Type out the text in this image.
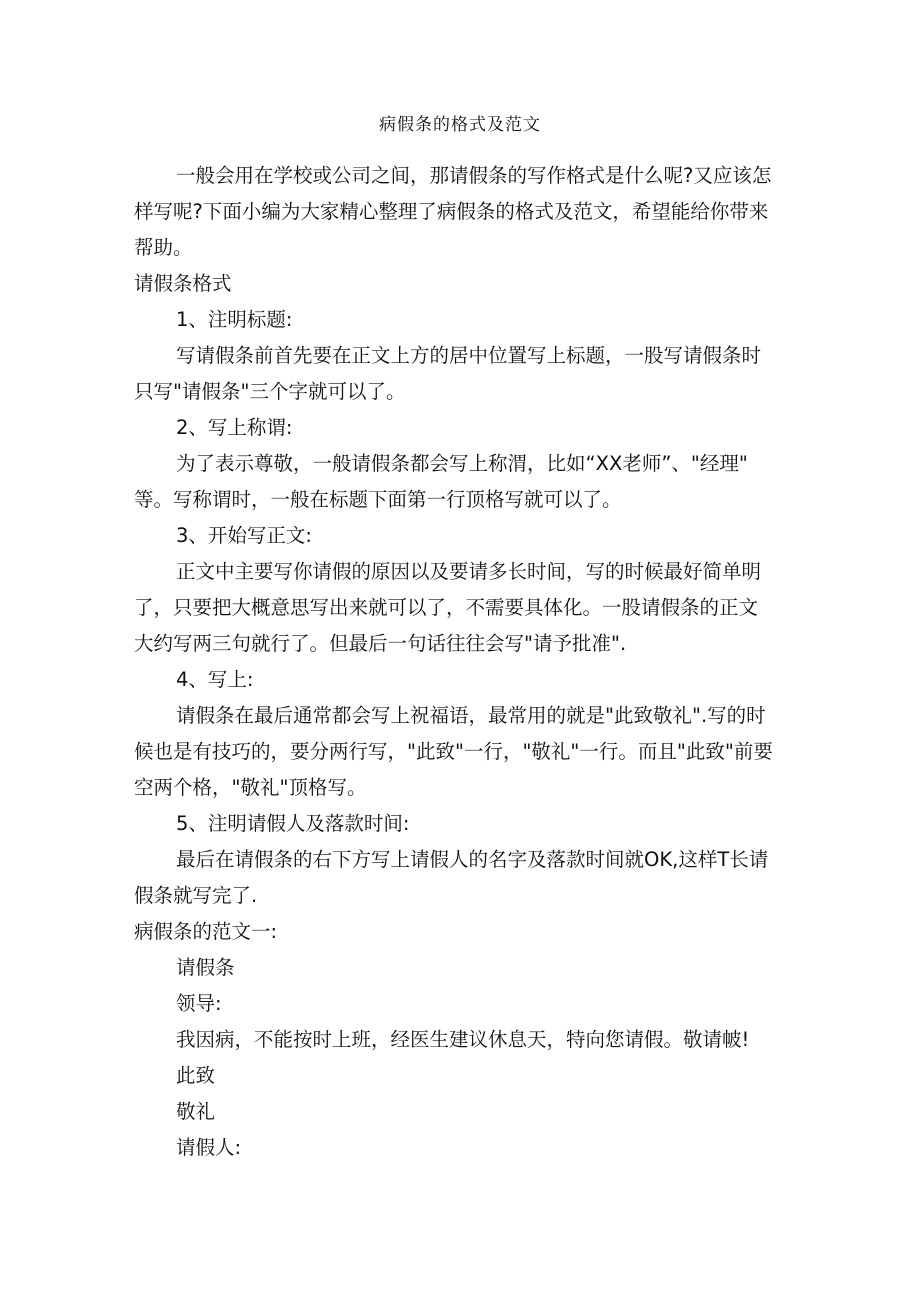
病假条的格式及范文
一般会用在学校或公司之间，那请假条的写作格式是什么呢?又应该怎
样写呢?下面小编为大家精心整理了病假条的格式及范文，希望能给你带来
帮助。
请假条格式
1、注明标题:
写请假条前首先要在正文上方的居中位置写上标题，一股写请假条时
只写"请假条"三个字就可以了。
2、写上称谓:
为了表示尊敬，一般请假条都会写上称渭，比如“XX老师”、"经理"
等。写称谓时，一般在标题下面第一行顶格写就可以了。
3、开始写正文:
正文中主要写你请假的原因以及要请多长时间，写的时候最好简单明
了，只要把大概意思写出来就可以了，不需要具体化。一股请假条的正文
大约写两三句就行了。但最后一句话往往会写"请予批准".
4、写上:
请假条在最后通常都会写上祝福语，最常用的就是"此致敬礼".写的时
候也是有技巧的，要分两行写，"此致"一行，"敬礼"一行。而且"此致"前要
空两个格，"敬礼"顶格写。
5、注明请假人及落款时间:
最后在请假条的右下方写上请假人的名字及落款时间就OK,这样T长请
假条就写完了.
病假条的范文一:
请假条
领导:
我因病，不能按时上班，经医生建议休息天，特向您请假。敬请帔!
此致
敬礼
请假人:
